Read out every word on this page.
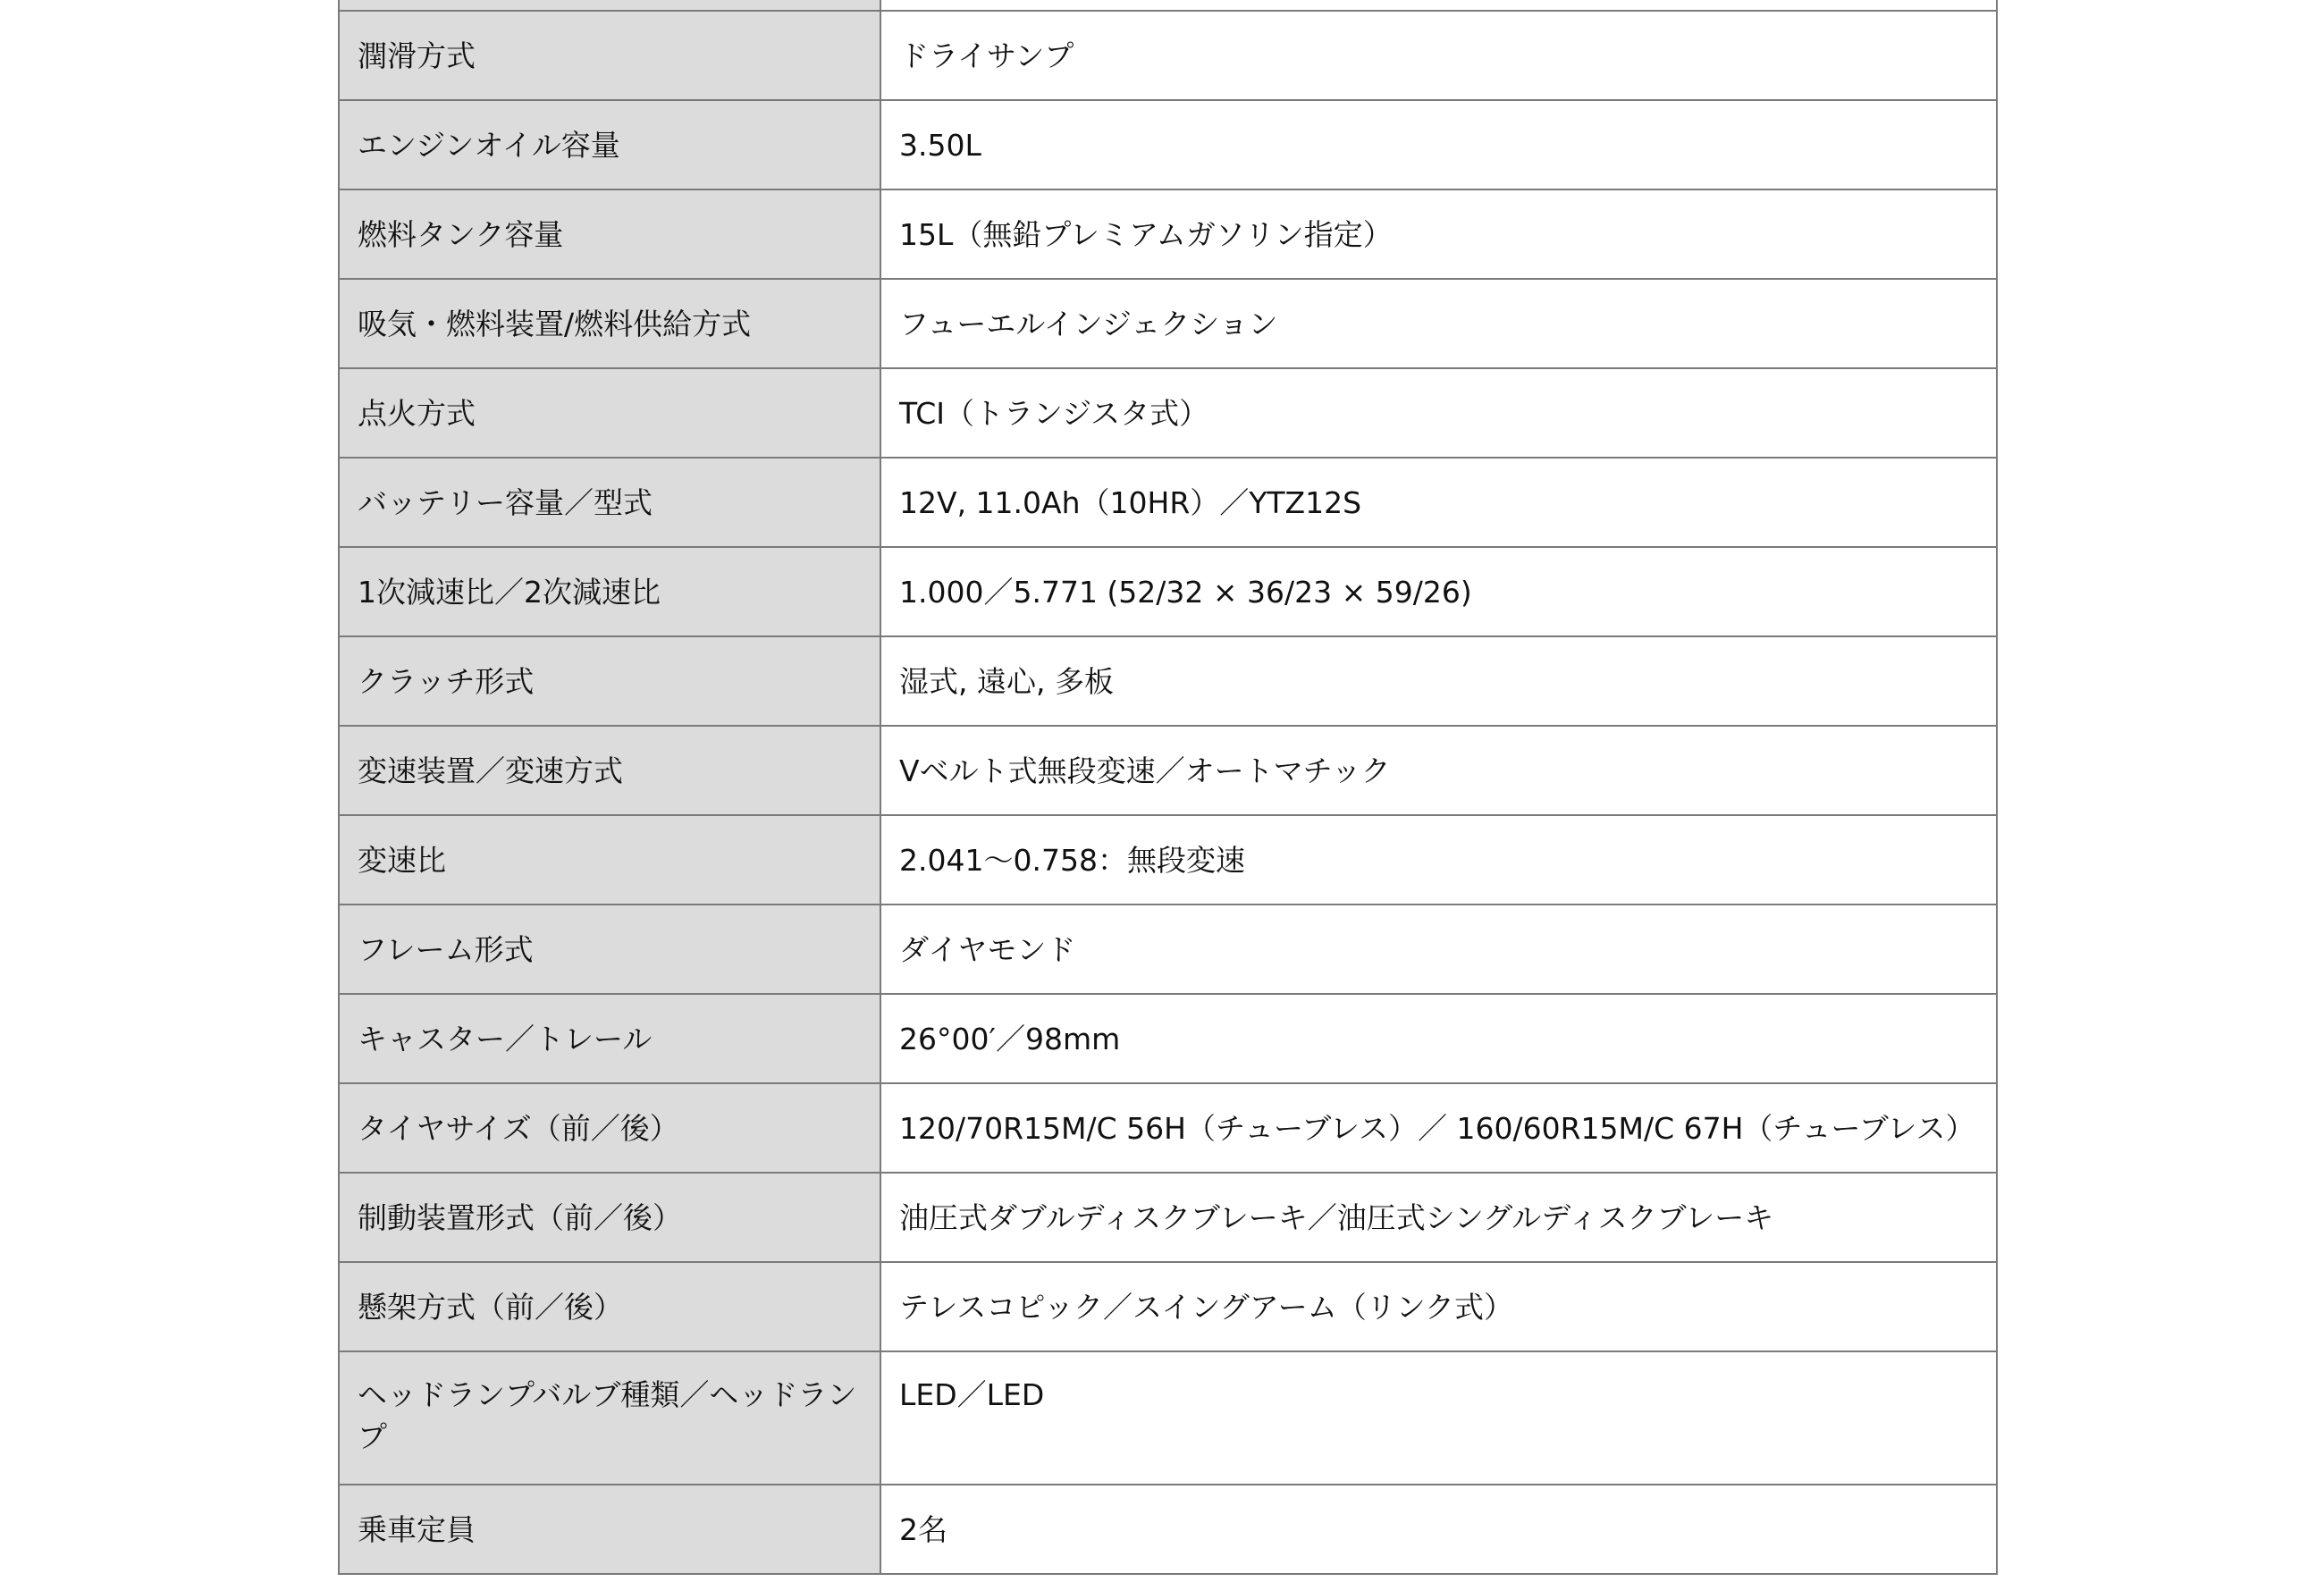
潤滑方式	ドライサンプ
エンジンオイル容量	3.50L
燃料タンク容量	15L（無鉛プレミアムガソリン指定）
吸気・燃料装置/燃料供給方式	フューエルインジェクション
点火方式	TCI（トランジスタ式）
バッテリー容量／型式	12V, 11.0Ah（10HR）／YTZ12S
1次減速比／2次減速比	1.000／5.771 (52/32 × 36/23 × 59/26)
クラッチ形式	湿式, 遠心, 多板
変速装置／変速方式	Vベルト式無段変速／オートマチック
変速比	2.041～0.758：無段変速
フレーム形式	ダイヤモンド
キャスター／トレール	26°00′／98mm
タイヤサイズ（前／後）	120/70R15M/C 56H（チューブレス）／ 160/60R15M/C 67H（チューブレス）
制動装置形式（前／後）	油圧式ダブルディスクブレーキ／油圧式シングルディスクブレーキ
懸架方式（前／後）	テレスコピック／スイングアーム（リンク式）
ヘッドランプバルブ種類／ヘッドランプ	LED／LED
乗車定員	2名
